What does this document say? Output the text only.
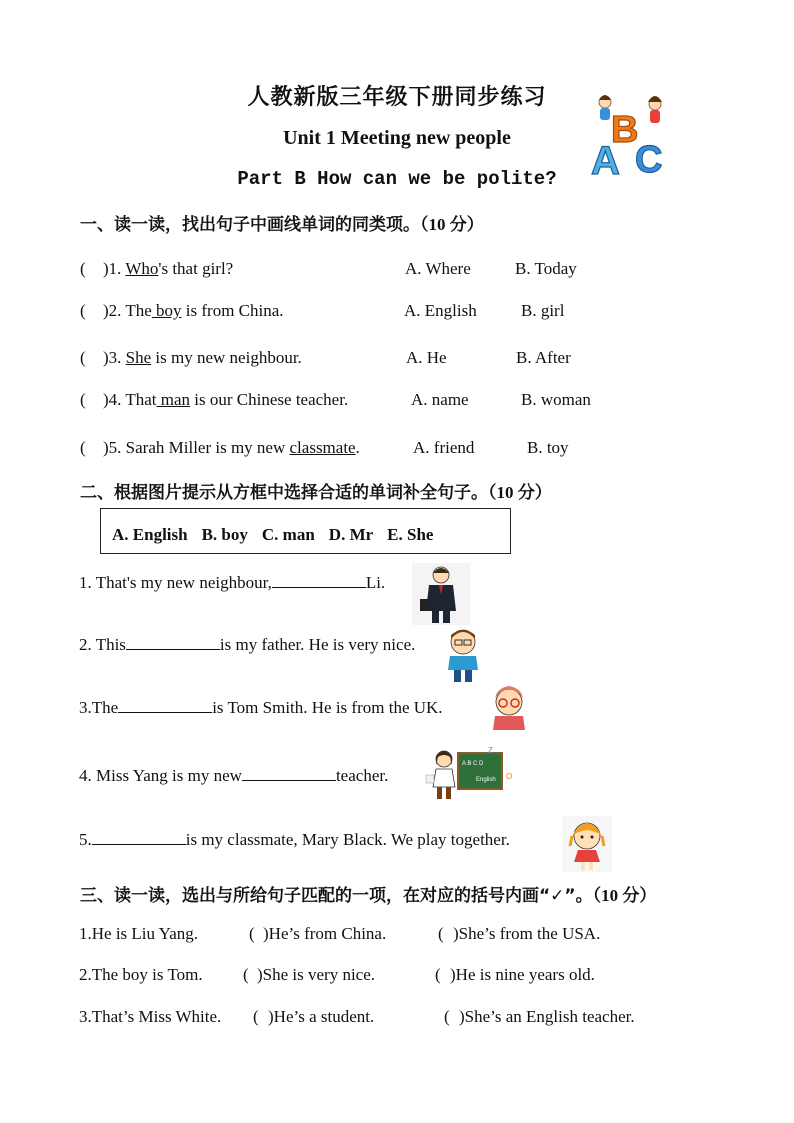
人教新版三年级下册同步练习
Unit 1 Meeting new people
Part B How can we be polite? A
B
C
一、读一读，找出句子中画线单词的同类项。（10 分）
( )1. Who's that girl?	A. Where	B. Today
( )2. The boy is from China.	A. English	B. girl
( )3. She is my new neighbour.	A. He	B. After
( )4. That man is our Chinese teacher.	A. name	B. woman
( )5. Sarah Miller is my new classmate.	A. friend	B. toy
二、根据图片提示从方框中选择合适的单词补全句子。（10 分）
A. English B. boy C. man D. Mr E. She
1. That's my new neighbour,	Li.
2. This	is my father. He is very nice.
3.The	is Tom Smith. He is from the UK.
4. Miss Yang is my new	teacher.
A B C D
English
Z
O
5.	is my classmate, Mary Black. We play together.
三、读一读，选出与所给句子匹配的一项，在对应的括号内画“✓”。（10 分）
1.He is Liu Yang.	( )He’s from China.	( )She’s from the USA.
2.The boy is Tom. ( )She is very nice.	( )He is nine years old.
3.That’s Miss White. ( )He’s a student.	( )She’s an English teacher.
